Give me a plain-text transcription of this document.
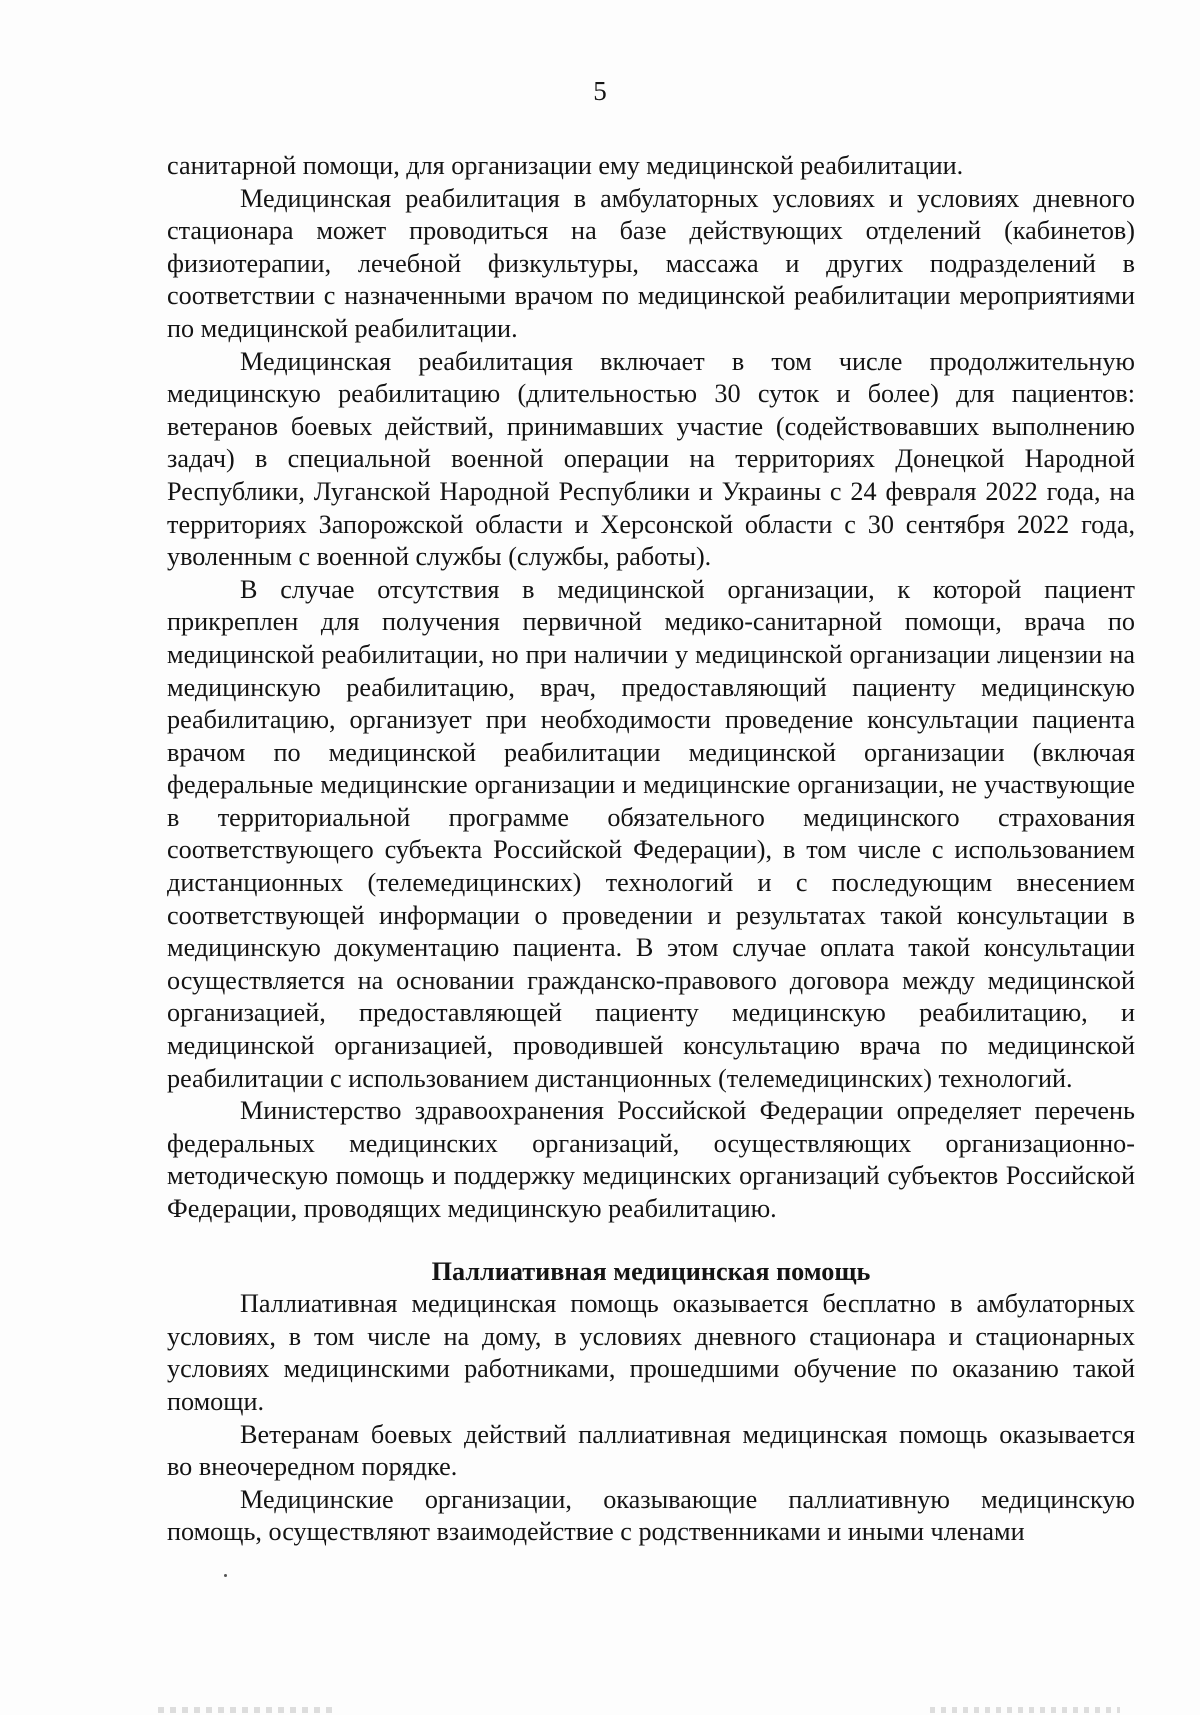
5

санитарной помощи, для организации ему медицинской реабилитации.

Медицинская реабилитация в амбулаторных условиях и условиях дневного стационара может проводиться на базе действующих отделений (кабинетов) физиотерапии, лечебной физкультуры, массажа и других подразделений в соответствии с назначенными врачом по медицинской реабилитации мероприятиями по медицинской реабилитации.

Медицинская реабилитация включает в том числе продолжительную медицинскую реабилитацию (длительностью 30 суток и более) для пациентов: ветеранов боевых действий, принимавших участие (содействовавших выполнению задач) в специальной военной операции на территориях Донецкой Народной Республики, Луганской Народной Республики и Украины с 24 февраля 2022 года, на территориях Запорожской области и Херсонской области с 30 сентября 2022 года, уволенным с военной службы (службы, работы).

В случае отсутствия в медицинской организации, к которой пациент прикреплен для получения первичной медико-санитарной помощи, врача по медицинской реабилитации, но при наличии у медицинской организации лицензии на медицинскую реабилитацию, врач, предоставляющий пациенту медицинскую реабилитацию, организует при необходимости проведение консультации пациента врачом по медицинской реабилитации медицинской организации (включая федеральные медицинские организации и медицинские организации, не участвующие в территориальной программе обязательного медицинского страхования соответствующего субъекта Российской Федерации), в том числе с использованием дистанционных (телемедицинских) технологий и с последующим внесением соответствующей информации о проведении и результатах такой консультации в медицинскую документацию пациента. В этом случае оплата такой консультации осуществляется на основании гражданско-правового договора между медицинской организацией, предоставляющей пациенту медицинскую реабилитацию, и медицинской организацией, проводившей консультацию врача по медицинской реабилитации с использованием дистанционных (телемедицинских) технологий.

Министерство здравоохранения Российской Федерации определяет перечень федеральных медицинских организаций, осуществляющих организационно-методическую помощь и поддержку медицинских организаций субъектов Российской Федерации, проводящих медицинскую реабилитацию.

Паллиативная медицинская помощь

Паллиативная медицинская помощь оказывается бесплатно в амбулаторных условиях, в том числе на дому, в условиях дневного стационара и стационарных условиях медицинскими работниками, прошедшими обучение по оказанию такой помощи.

Ветеранам боевых действий паллиативная медицинская помощь оказывается во внеочередном порядке.

Медицинские организации, оказывающие паллиативную медицинскую помощь, осуществляют взаимодействие с родственниками и иными членами
